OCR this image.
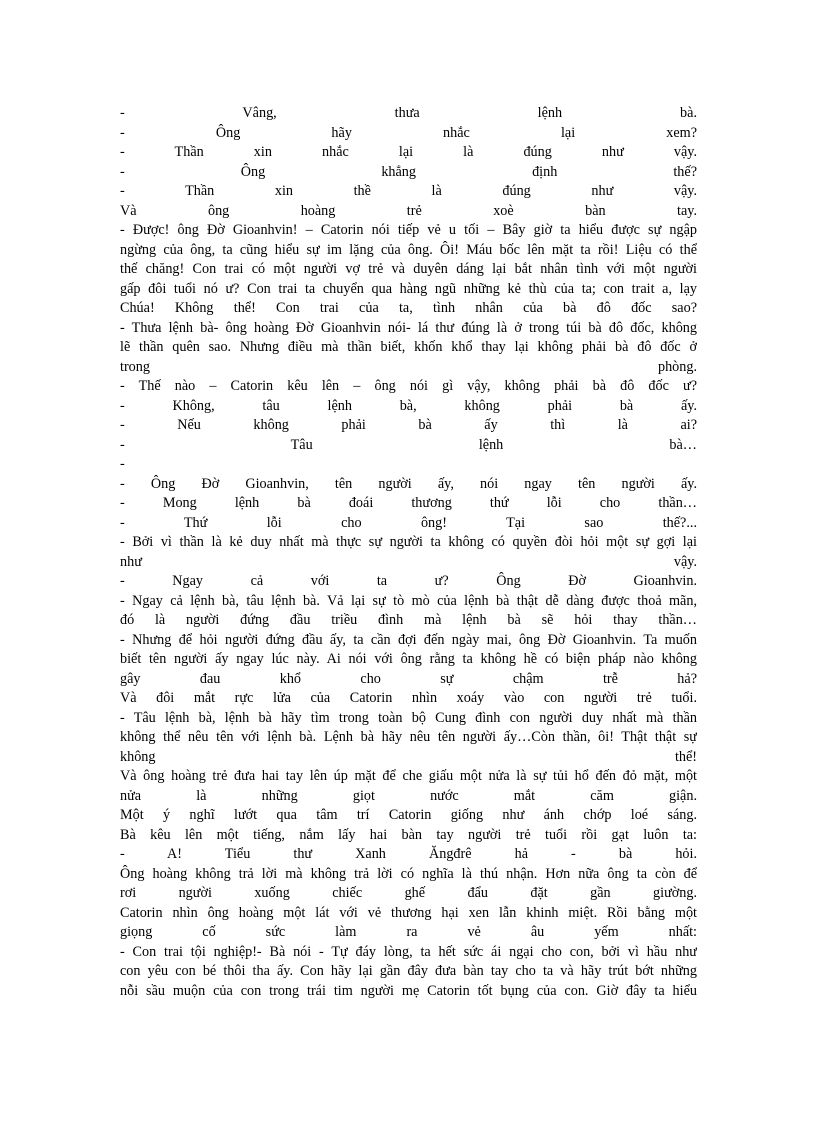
- Vâng, thưa lệnh bà.
- Ông hãy nhắc lại xem?
- Thần xin nhắc lại là đúng như vậy.
- Ông khẳng định thế?
- Thần xin thề là đúng như vậy.
Và ông hoàng trẻ xoè bàn tay.
- Được! ông Đờ Gioanhvin! – Catorin nói tiếp vẻ u tối – Bây giờ ta hiểu được sự ngập
ngừng của ông, ta cũng hiểu sự im lặng của ông. Ôi! Máu bốc lên mặt ta rồi! Liệu có thể
thế chăng! Con trai có một người vợ trẻ và duyên dáng lại bắt nhân tình với một người
gấp đôi tuổi nó ư? Con trai ta chuyển qua hàng ngũ những kẻ thù của ta; con trait a, lạy
Chúa! Không thể! Con trai của ta, tình nhân của bà đô đốc sao?
- Thưa lệnh bà- ông hoàng Đờ Gioanhvin nói- lá thư đúng là ở trong túi bà đô đốc, không
lẽ thần quên sao. Nhưng điều mà thần biết, khốn khổ thay lại không phải bà đô đốc ở
trong phòng.
- Thế nào – Catorin kêu lên – ông nói gì vậy, không phải bà đô đốc ư?
- Không, tâu lệnh bà, không phải bà ấy.
- Nếu không phải bà ấy thì là ai?
- Tâu lệnh bà…
-
- Ông Đờ Gioanhvin, tên người ấy, nói ngay tên người ấy.
- Mong lệnh bà đoái thương thứ lỗi cho thần…
- Thứ lỗi cho ông! Tại sao thế?...
- Bởi vì thần là kẻ duy nhất mà thực sự người ta không có quyền đòi hỏi một sự gợi lại
như vậy.
- Ngay cả với ta ư? Ông Đờ Gioanhvin.
- Ngay cả lệnh bà, tâu lệnh bà. Vả lại sự tò mò của lệnh bà thật dễ dàng được thoả mãn,
đó là người đứng đầu triều đình mà lệnh bà sẽ hỏi thay thần…
- Nhưng để hỏi người đứng đầu ấy, ta cần đợi đến ngày mai, ông Đờ Gioanhvin. Ta muốn
biết tên người ấy ngay lúc này. Ai nói với ông rằng ta không hề có biện pháp nào không
gây đau khổ cho sự chậm trễ hả?
Và đôi mắt rực lửa của Catorin nhìn xoáy vào con người trẻ tuổi.
- Tâu lệnh bà, lệnh bà hãy tìm trong toàn bộ Cung đình con người duy nhất mà thần
không thể nêu tên với lệnh bà. Lệnh bà hãy nêu tên người ấy…Còn thần, ôi! Thật thật sự
không thể!
Và ông hoàng trẻ đưa hai tay lên úp mặt để che giấu một nửa là sự tủi hổ đến đỏ mặt, một
nửa là những giọt nước mắt căm giận.
Một ý nghĩ lướt qua tâm trí Catorin giống như ánh chớp loé sáng.
Bà kêu lên một tiếng, nắm lấy hai bàn tay người trẻ tuổi rồi gạt luôn ta:
- A! Tiểu thư Xanh Ăngđrê hả - bà hỏi.
Ông hoàng không trả lời mà không trả lời có nghĩa là thú nhận. Hơn nữa ông ta còn để
rơi người xuống chiếc ghế đẩu đặt gần giường.
Catorin nhìn ông hoàng một lát với vẻ thương hại xen lẫn khinh miệt. Rồi bằng một
giọng cố sức làm ra vẻ âu yếm nhất:
- Con trai tội nghiệp!- Bà nói - Tự đáy lòng, ta hết sức ái ngại cho con, bởi vì hầu như
con yêu con bé thôi tha ấy. Con hãy lại gần đây đưa bàn tay cho ta và hãy trút bớt những
nỗi sầu muộn của con trong trái tim người mẹ Catorin tốt bụng của con. Giờ đây ta hiểu
